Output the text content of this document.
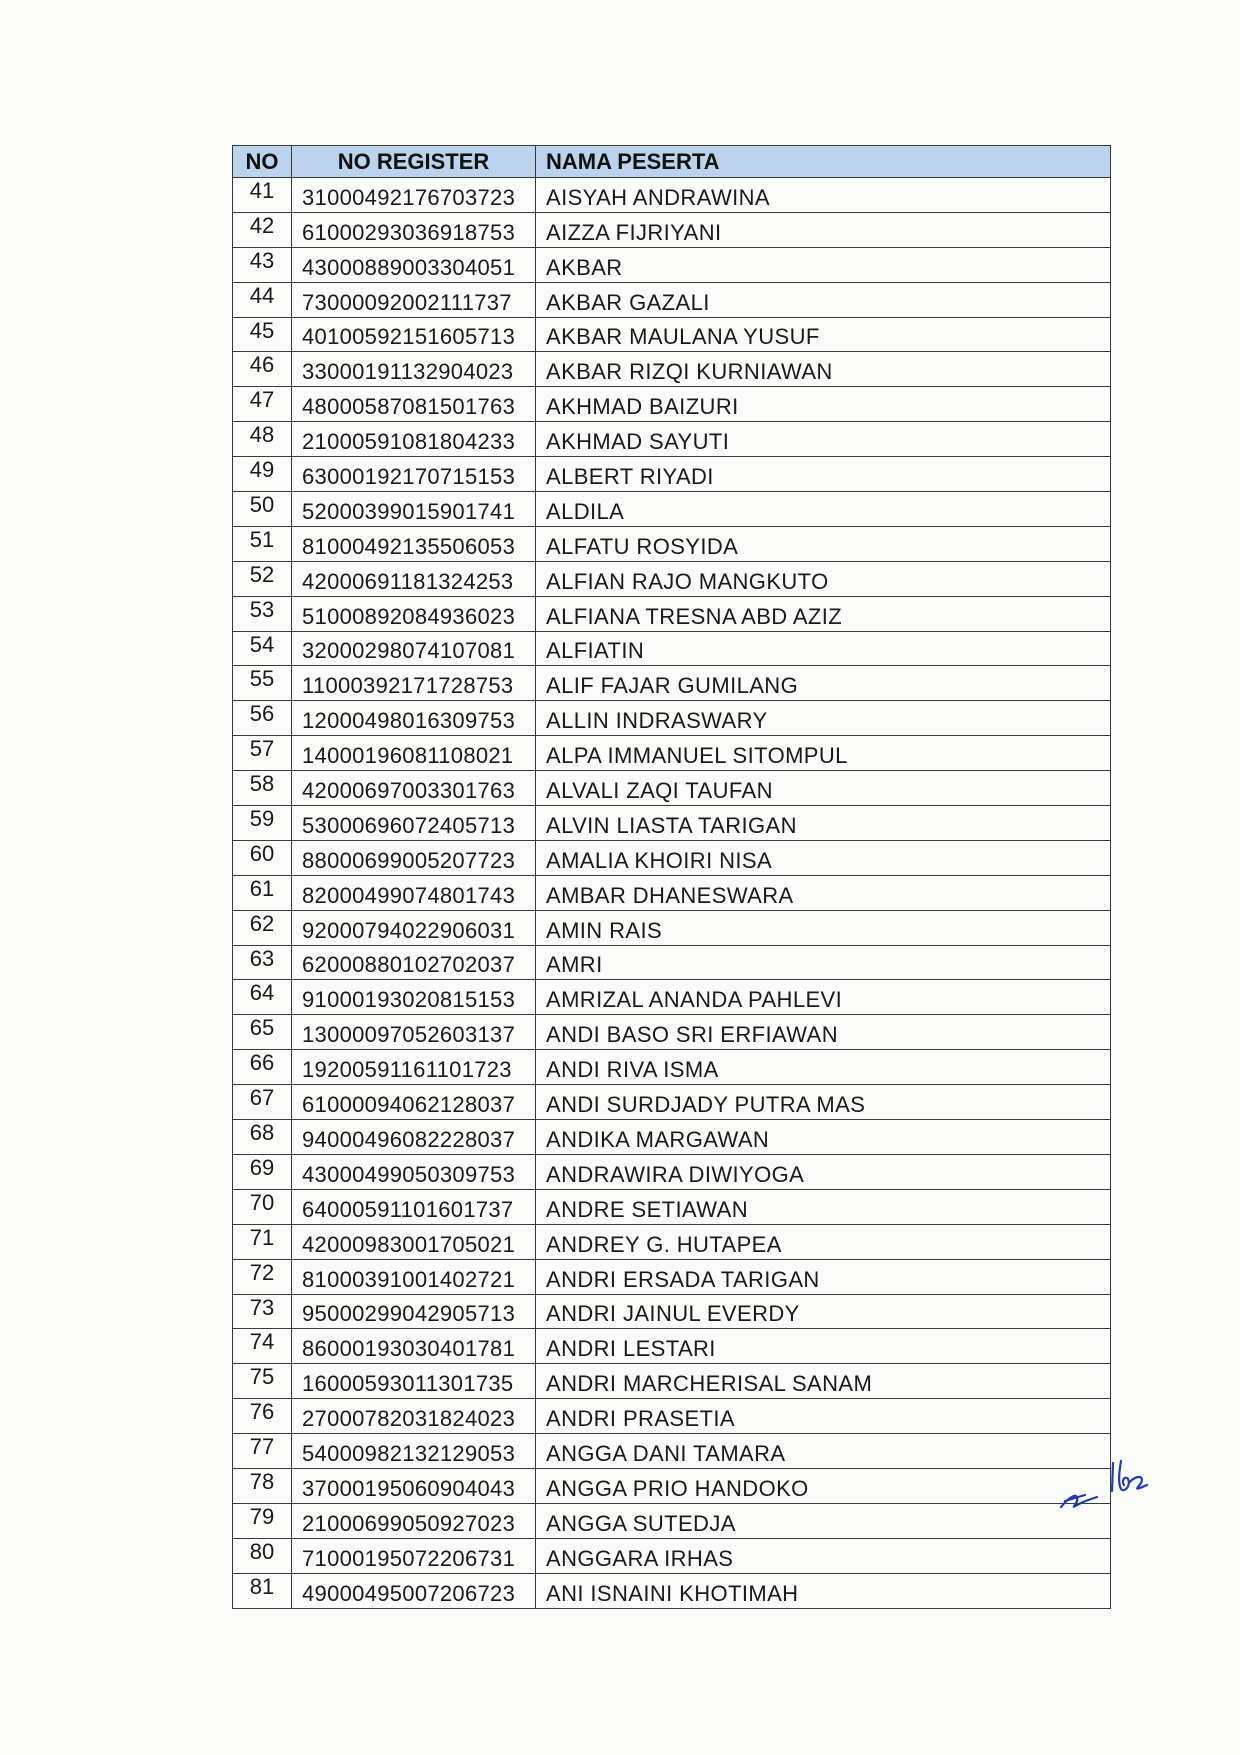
NO	NO REGISTER	NAMA PESERTA
41	31000492176703723	AISYAH ANDRAWINA
42	61000293036918753	AIZZA FIJRIYANI
43	43000889003304051	AKBAR
44	73000092002111737	AKBAR GAZALI
45	40100592151605713	AKBAR MAULANA YUSUF
46	33000191132904023	AKBAR RIZQI KURNIAWAN
47	48000587081501763	AKHMAD BAIZURI
48	21000591081804233	AKHMAD SAYUTI
49	63000192170715153	ALBERT RIYADI
50	52000399015901741	ALDILA
51	81000492135506053	ALFATU ROSYIDA
52	42000691181324253	ALFIAN RAJO MANGKUTO
53	51000892084936023	ALFIANA TRESNA ABD AZIZ
54	32000298074107081	ALFIATIN
55	11000392171728753	ALIF FAJAR GUMILANG
56	12000498016309753	ALLIN INDRASWARY
57	14000196081108021	ALPA IMMANUEL SITOMPUL
58	42000697003301763	ALVALI ZAQI TAUFAN
59	53000696072405713	ALVIN LIASTA TARIGAN
60	88000699005207723	AMALIA KHOIRI NISA
61	82000499074801743	AMBAR DHANESWARA
62	92000794022906031	AMIN RAIS
63	62000880102702037	AMRI
64	91000193020815153	AMRIZAL ANANDA PAHLEVI
65	13000097052603137	ANDI BASO SRI ERFIAWAN
66	19200591161101723	ANDI RIVA ISMA
67	61000094062128037	ANDI SURDJADY PUTRA MAS
68	94000496082228037	ANDIKA MARGAWAN
69	43000499050309753	ANDRAWIRA DIWIYOGA
70	64000591101601737	ANDRE SETIAWAN
71	42000983001705021	ANDREY G. HUTAPEA
72	81000391001402721	ANDRI ERSADA TARIGAN
73	95000299042905713	ANDRI JAINUL EVERDY
74	86000193030401781	ANDRI LESTARI
75	16000593011301735	ANDRI MARCHERISAL SANAM
76	27000782031824023	ANDRI PRASETIA
77	54000982132129053	ANGGA DANI TAMARA
78	37000195060904043	ANGGA PRIO HANDOKO
79	21000699050927023	ANGGA SUTEDJA
80	71000195072206731	ANGGARA IRHAS
81	49000495007206723	ANI ISNAINI KHOTIMAH
